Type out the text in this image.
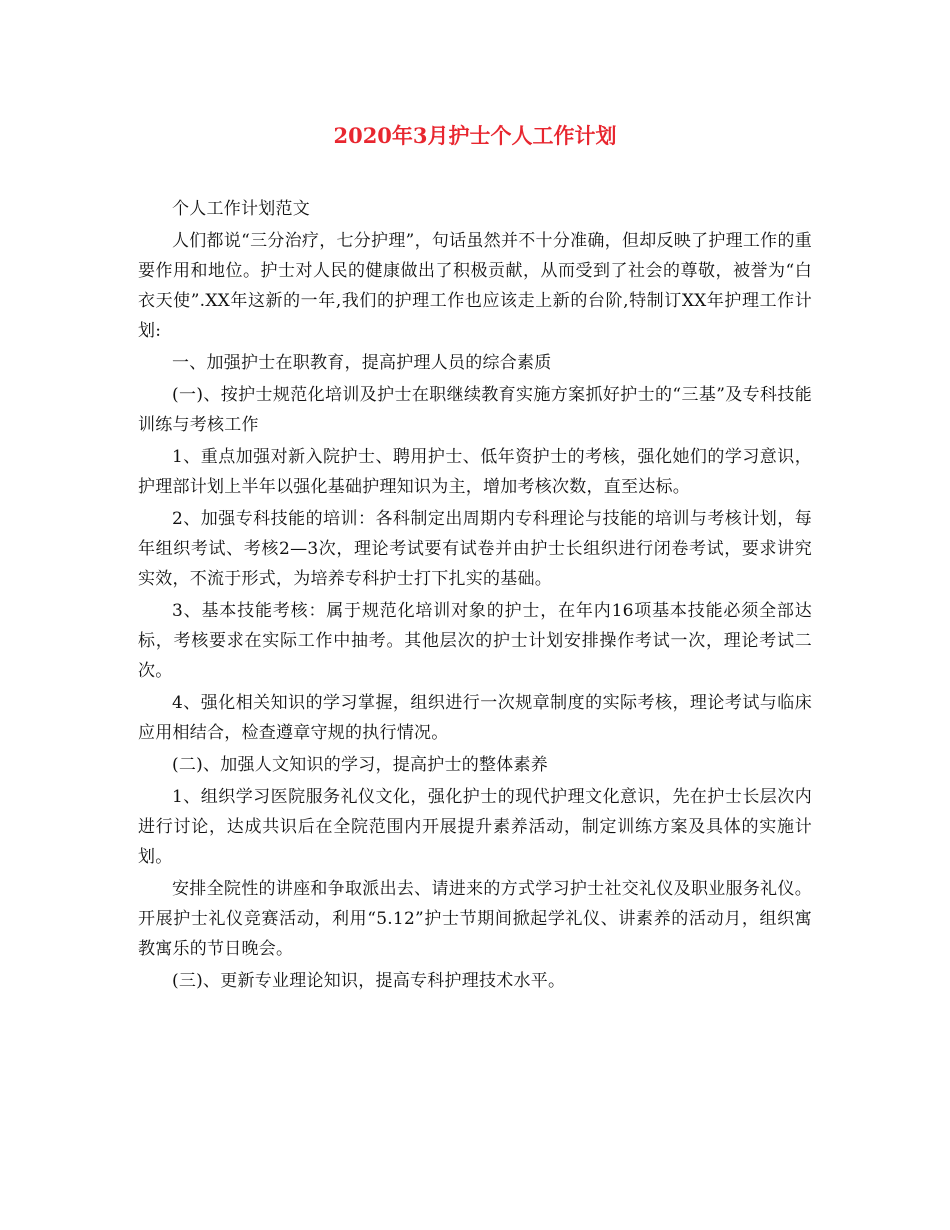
2020年3月护士个人工作计划

个人工作计划范文

人们都说“三分治疗，七分护理”，句话虽然并不十分准确，但却反映了护理工作的重要作用和地位。护士对人民的健康做出了积极贡献，从而受到了社会的尊敬，被誉为“白衣天使”.XX年这新的一年,我们的护理工作也应该走上新的台阶,特制订XX年护理工作计划:

一、加强护士在职教育，提高护理人员的综合素质

(一)、按护士规范化培训及护士在职继续教育实施方案抓好护士的“三基”及专科技能训练与考核工作

1、重点加强对新入院护士、聘用护士、低年资护士的考核，强化她们的学习意识，护理部计划上半年以强化基础护理知识为主，增加考核次数，直至达标。

2、加强专科技能的培训：各科制定出周期内专科理论与技能的培训与考核计划，每年组织考试、考核2—3次，理论考试要有试卷并由护士长组织进行闭卷考试，要求讲究实效，不流于形式，为培养专科护士打下扎实的基础。

3、基本技能考核：属于规范化培训对象的护士，在年内16项基本技能必须全部达标，考核要求在实际工作中抽考。其他层次的护士计划安排操作考试一次，理论考试二次。

4、强化相关知识的学习掌握，组织进行一次规章制度的实际考核，理论考试与临床应用相结合，检查遵章守规的执行情况。

(二)、加强人文知识的学习，提高护士的整体素养

1、组织学习医院服务礼仪文化，强化护士的现代护理文化意识，先在护士长层次内进行讨论，达成共识后在全院范围内开展提升素养活动，制定训练方案及具体的实施计划。

安排全院性的讲座和争取派出去、请进来的方式学习护士社交礼仪及职业服务礼仪。开展护士礼仪竞赛活动，利用“5.12”护士节期间掀起学礼仪、讲素养的活动月，组织寓教寓乐的节日晚会。

(三)、更新专业理论知识，提高专科护理技术水平。
